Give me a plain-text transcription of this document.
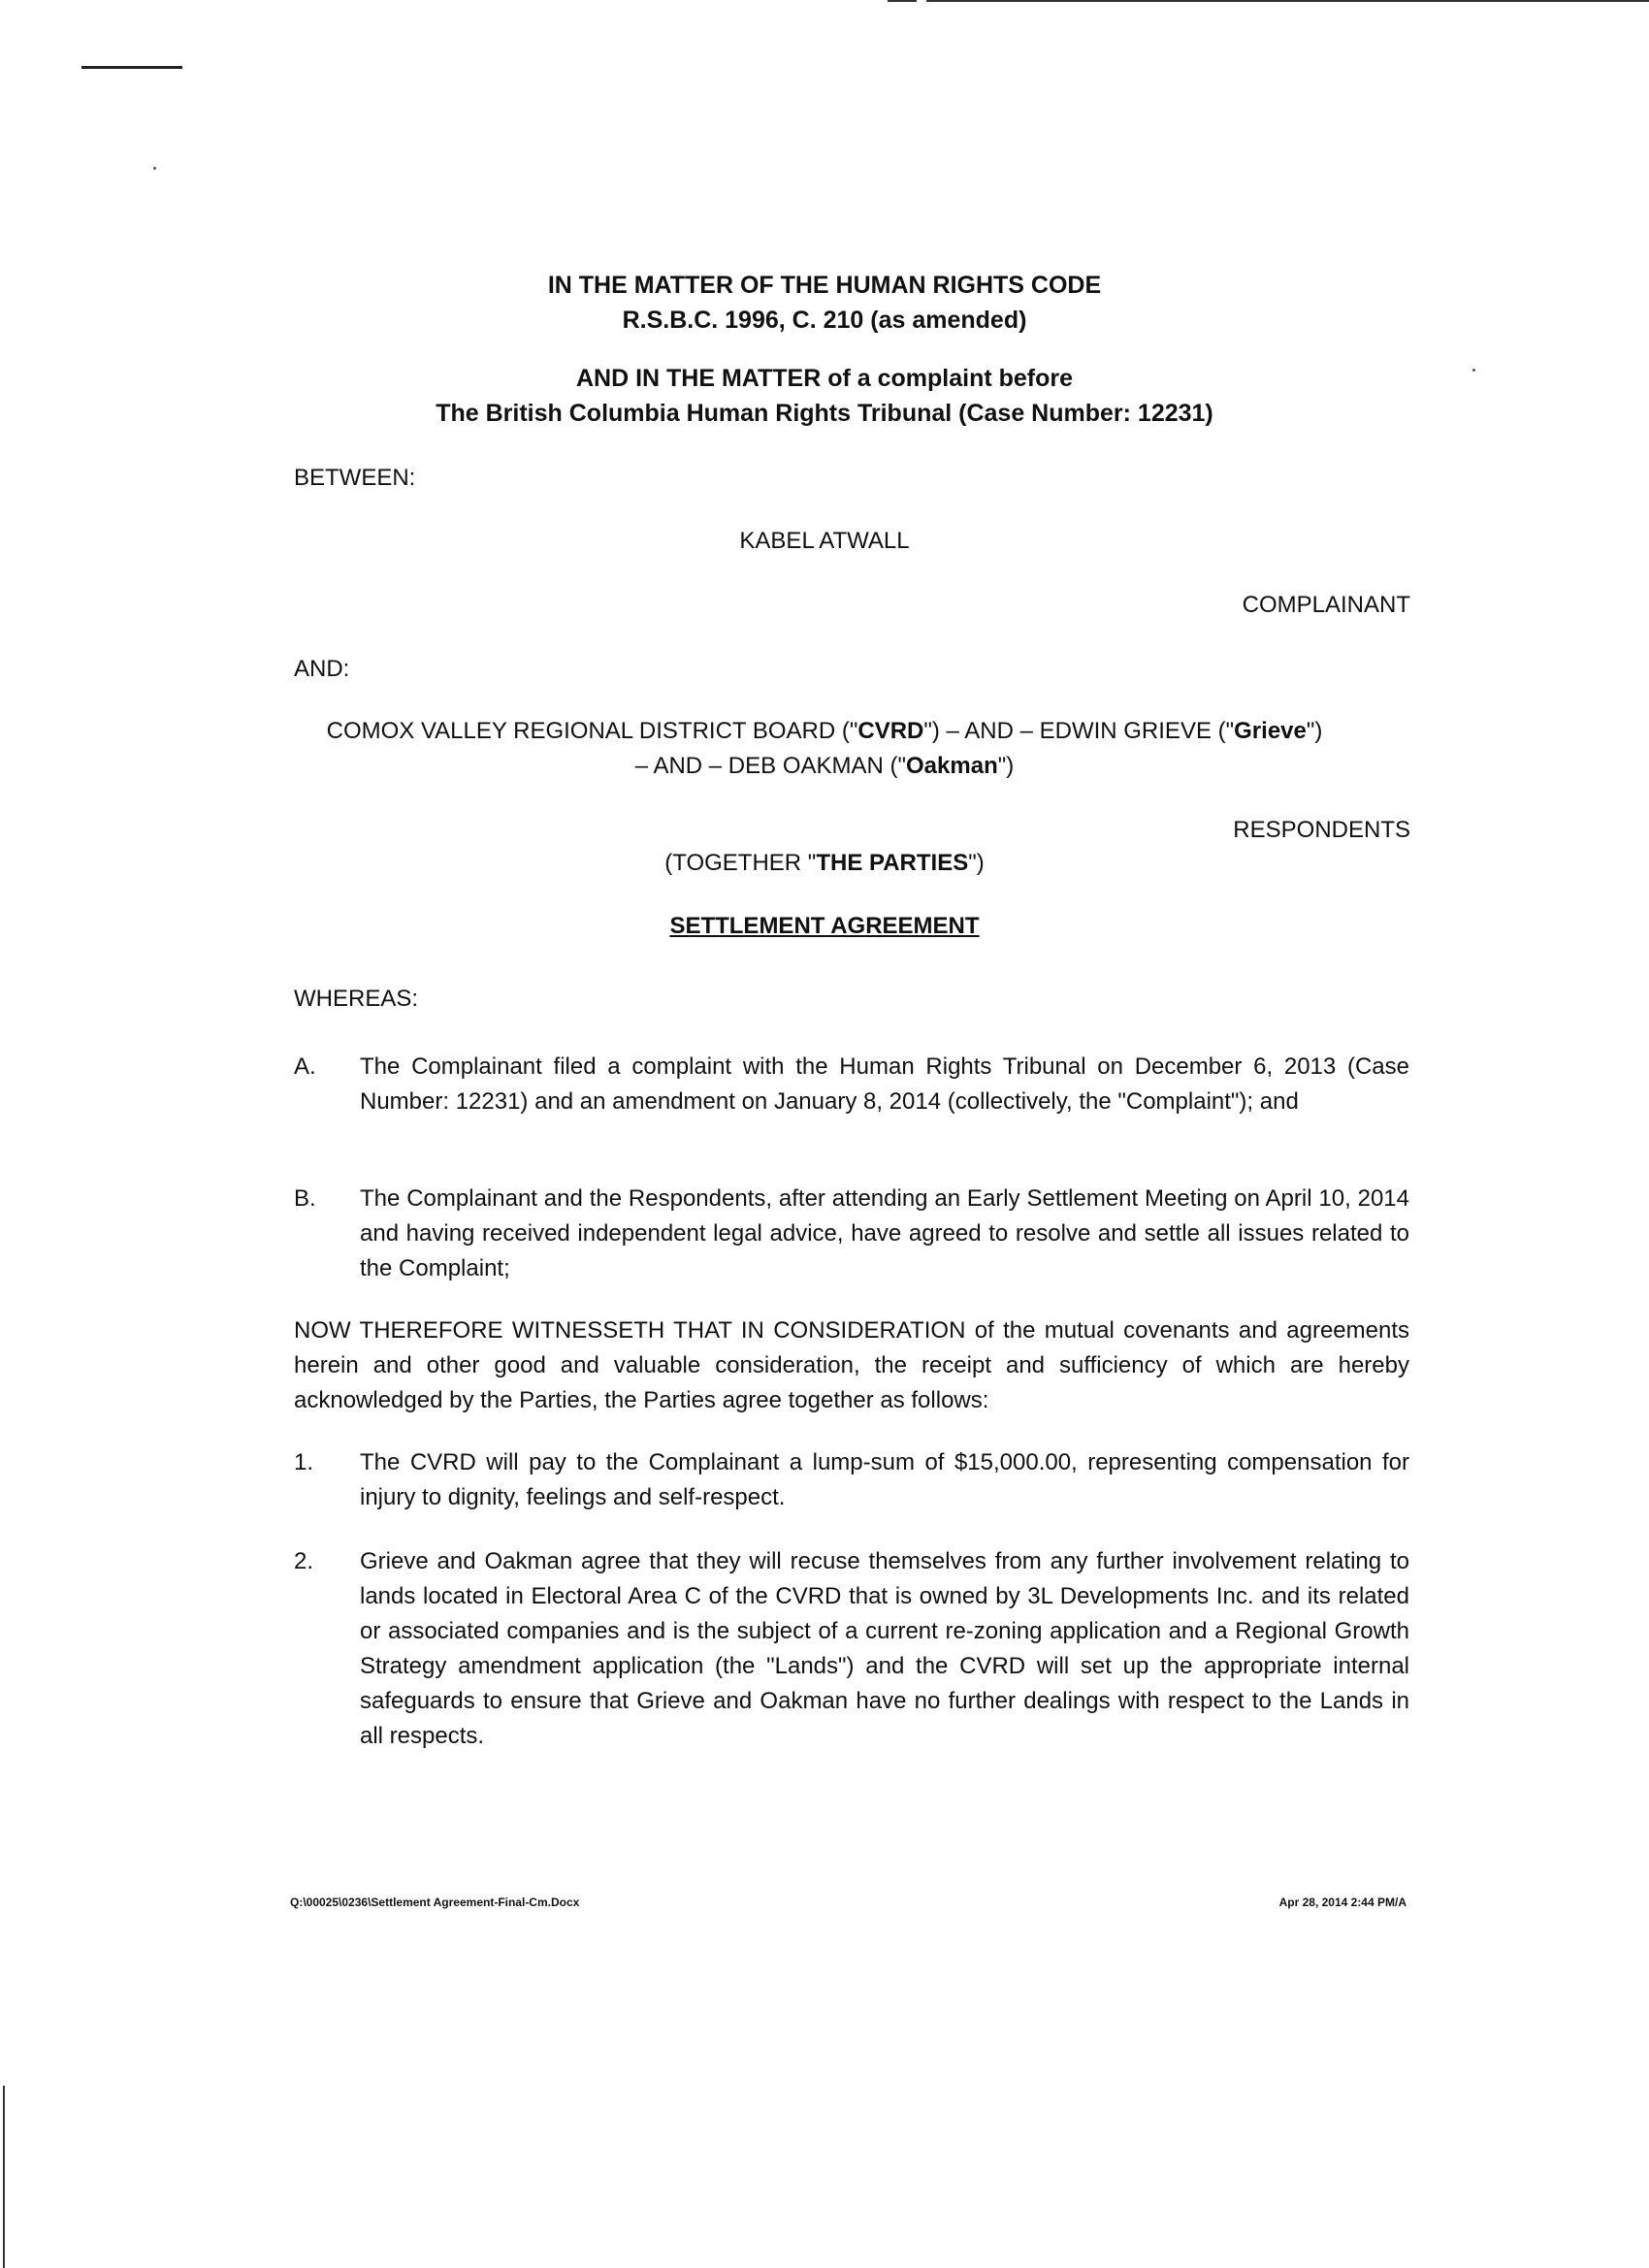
IN THE MATTER OF THE HUMAN RIGHTS CODE
R.S.B.C. 1996, C. 210 (as amended)
AND IN THE MATTER of a complaint before
The British Columbia Human Rights Tribunal (Case Number: 12231)
BETWEEN:
KABEL ATWALL
COMPLAINANT
AND:
COMOX VALLEY REGIONAL DISTRICT BOARD ("CVRD") – AND – EDWIN GRIEVE ("Grieve")
– AND – DEB OAKMAN ("Oakman")
RESPONDENTS
(TOGETHER "THE PARTIES")
SETTLEMENT AGREEMENT
WHEREAS:
A. The Complainant filed a complaint with the Human Rights Tribunal on December 6, 2013 (Case Number: 12231) and an amendment on January 8, 2014 (collectively, the "Complaint"); and
B. The Complainant and the Respondents, after attending an Early Settlement Meeting on April 10, 2014 and having received independent legal advice, have agreed to resolve and settle all issues related to the Complaint;
NOW THEREFORE WITNESSETH THAT IN CONSIDERATION of the mutual covenants and agreements herein and other good and valuable consideration, the receipt and sufficiency of which are hereby acknowledged by the Parties, the Parties agree together as follows:
1. The CVRD will pay to the Complainant a lump-sum of $15,000.00, representing compensation for injury to dignity, feelings and self-respect.
2. Grieve and Oakman agree that they will recuse themselves from any further involvement relating to lands located in Electoral Area C of the CVRD that is owned by 3L Developments Inc. and its related or associated companies and is the subject of a current re-zoning application and a Regional Growth Strategy amendment application (the "Lands") and the CVRD will set up the appropriate internal safeguards to ensure that Grieve and Oakman have no further dealings with respect to the Lands in all respects.
Q:\00025\0236\Settlement Agreement-Final-Cm.Docx	Apr 28, 2014 2:44 PM/A
